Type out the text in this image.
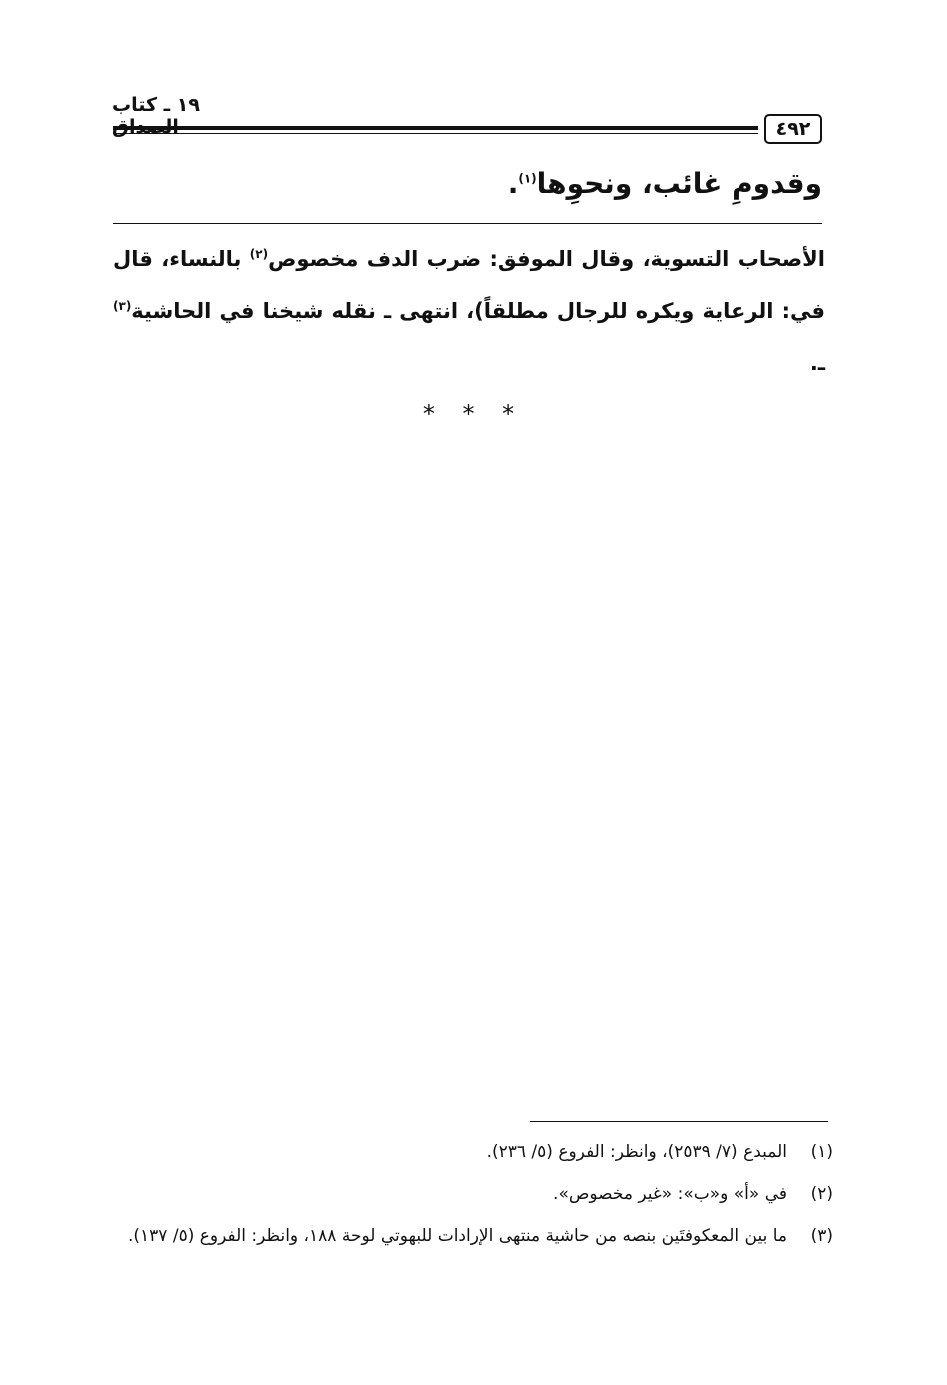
٤٩٢
١٩ ـ كتاب
وقدومِ غائب، ونحوِها$^{(١)}$.
الأصحاب التسوية، وقال الموفق: ضرب الدف مخصوص$^{(٢)}$ بالنساء، قال في: الرعاية ويكره للرجال مطلقاً)، انتهى ـ نقله شيخنا في الحاشية$^{(٣)}$ ـ.
* * *
(١)
المبدع (٧/ ٢٥٣٩)، وانظر: الفروع (٥/ ٢٣٦).
(٢)
في «أ» و«ب»: «غير مخصوص».
(٣)
ما بين المعكوفتَين بنصه من حاشية منتهى الإرادات للبهوتي لوحة ١٨٨، وانظر: الفروع (٥/ ١٣٧).
